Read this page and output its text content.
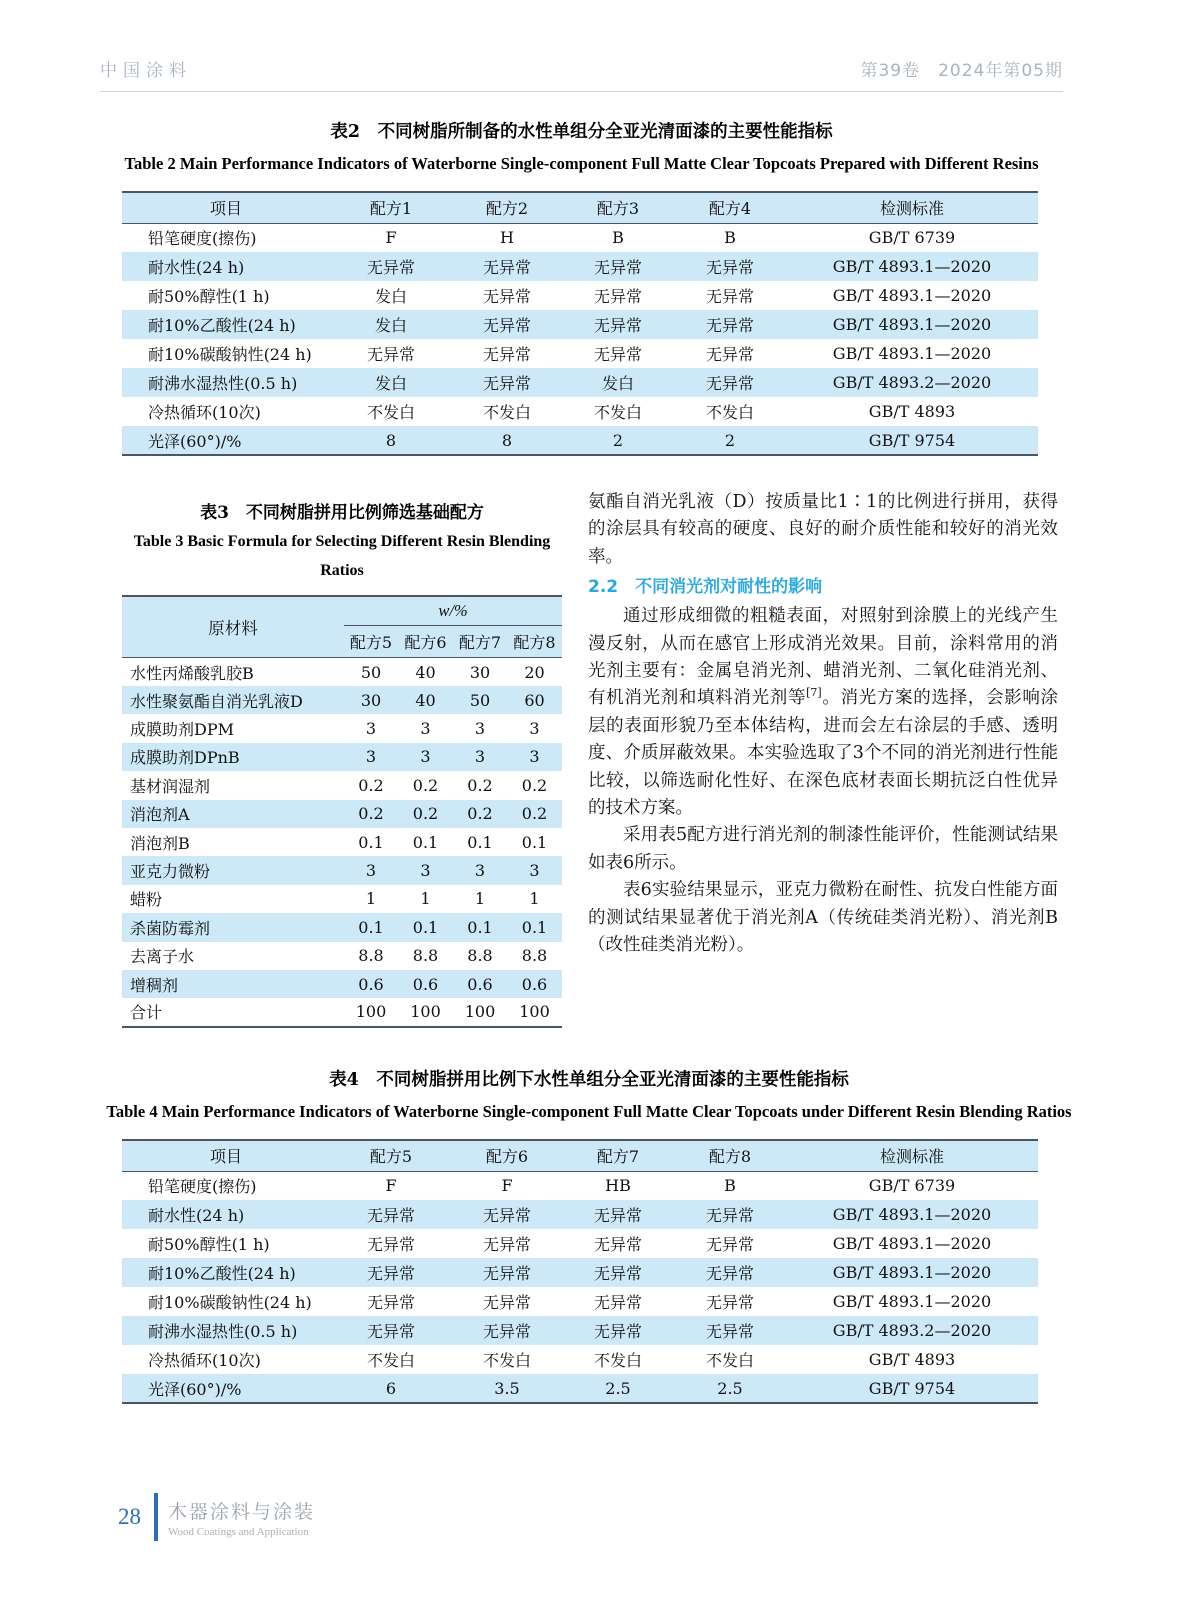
中国涂料	第39卷　2024年第05期
表2　不同树脂所制备的水性单组分全亚光清面漆的主要性能指标
Table 2 Main Performance Indicators of Waterborne Single-component Full Matte Clear Topcoats Prepared with Different Resins
项目	配方1	配方2	配方3	配方4	检测标准
铅笔硬度(擦伤)	F	H	B	B	GB/T 6739
耐水性(24 h)	无异常	无异常	无异常	无异常	GB/T 4893.1—2020
耐50%醇性(1 h)	发白	无异常	无异常	无异常	GB/T 4893.1—2020
耐10%乙酸性(24 h)	发白	无异常	无异常	无异常	GB/T 4893.1—2020
耐10%碳酸钠性(24 h)	无异常	无异常	无异常	无异常	GB/T 4893.1—2020
耐沸水湿热性(0.5 h)	发白	无异常	发白	无异常	GB/T 4893.2—2020
冷热循环(10次)	不发白	不发白	不发白	不发白	GB/T 4893
光泽(60°)/%	8	8	2	2	GB/T 9754
表3　不同树脂拼用比例筛选基础配方
Table 3 Basic Formula for Selecting Different Resin Blending Ratios
原材料	w/%			
	配方5	配方6	配方7	配方8
水性丙烯酸乳胶B	50	40	30	20
水性聚氨酯自消光乳液D	30	40	50	60
成膜助剂DPM	3	3	3	3
成膜助剂DPnB	3	3	3	3
基材润湿剂	0.2	0.2	0.2	0.2
消泡剂A	0.2	0.2	0.2	0.2
消泡剂B	0.1	0.1	0.1	0.1
亚克力微粉	3	3	3	3
蜡粉	1	1	1	1
杀菌防霉剂	0.1	0.1	0.1	0.1
去离子水	8.8	8.8	8.8	8.8
增稠剂	0.6	0.6	0.6	0.6
合计	100	100	100	100

氨酯自消光乳液（D）按质量比1∶1的比例进行拼用，获得的涂层具有较高的硬度、良好的耐介质性能和较好的消光效率。

2.2　不同消光剂对耐性的影响

通过形成细微的粗糙表面，对照射到涂膜上的光线产生漫反射，从而在感官上形成消光效果。目前，涂料常用的消光剂主要有：金属皂消光剂、蜡消光剂、二氧化硅消光剂、有机消光剂和填料消光剂等[7]。消光方案的选择，会影响涂层的表面形貌乃至本体结构，进而会左右涂层的手感、透明度、介质屏蔽效果。本实验选取了3个不同的消光剂进行性能比较，以筛选耐化性好、在深色底材表面长期抗泛白性优异的技术方案。

采用表5配方进行消光剂的制漆性能评价，性能测试结果如表6所示。

表6实验结果显示，亚克力微粉在耐性、抗发白性能方面的测试结果显著优于消光剂A（传统硅类消光粉）、消光剂B（改性硅类消光粉）。

表4　不同树脂拼用比例下水性单组分全亚光清面漆的主要性能指标
Table 4 Main Performance Indicators of Waterborne Single-component Full Matte Clear Topcoats under Different Resin Blending Ratios
项目	配方5	配方6	配方7	配方8	检测标准
铅笔硬度(擦伤)	F	F	HB	B	GB/T 6739
耐水性(24 h)	无异常	无异常	无异常	无异常	GB/T 4893.1—2020
耐50%醇性(1 h)	无异常	无异常	无异常	无异常	GB/T 4893.1—2020
耐10%乙酸性(24 h)	无异常	无异常	无异常	无异常	GB/T 4893.1—2020
耐10%碳酸钠性(24 h)	无异常	无异常	无异常	无异常	GB/T 4893.1—2020
耐沸水湿热性(0.5 h)	无异常	无异常	无异常	无异常	GB/T 4893.2—2020
冷热循环(10次)	不发白	不发白	不发白	不发白	GB/T 4893
光泽(60°)/%	6	3.5	2.5	2.5	GB/T 9754
28 木器涂料与涂装
Wood Coatings and Application
